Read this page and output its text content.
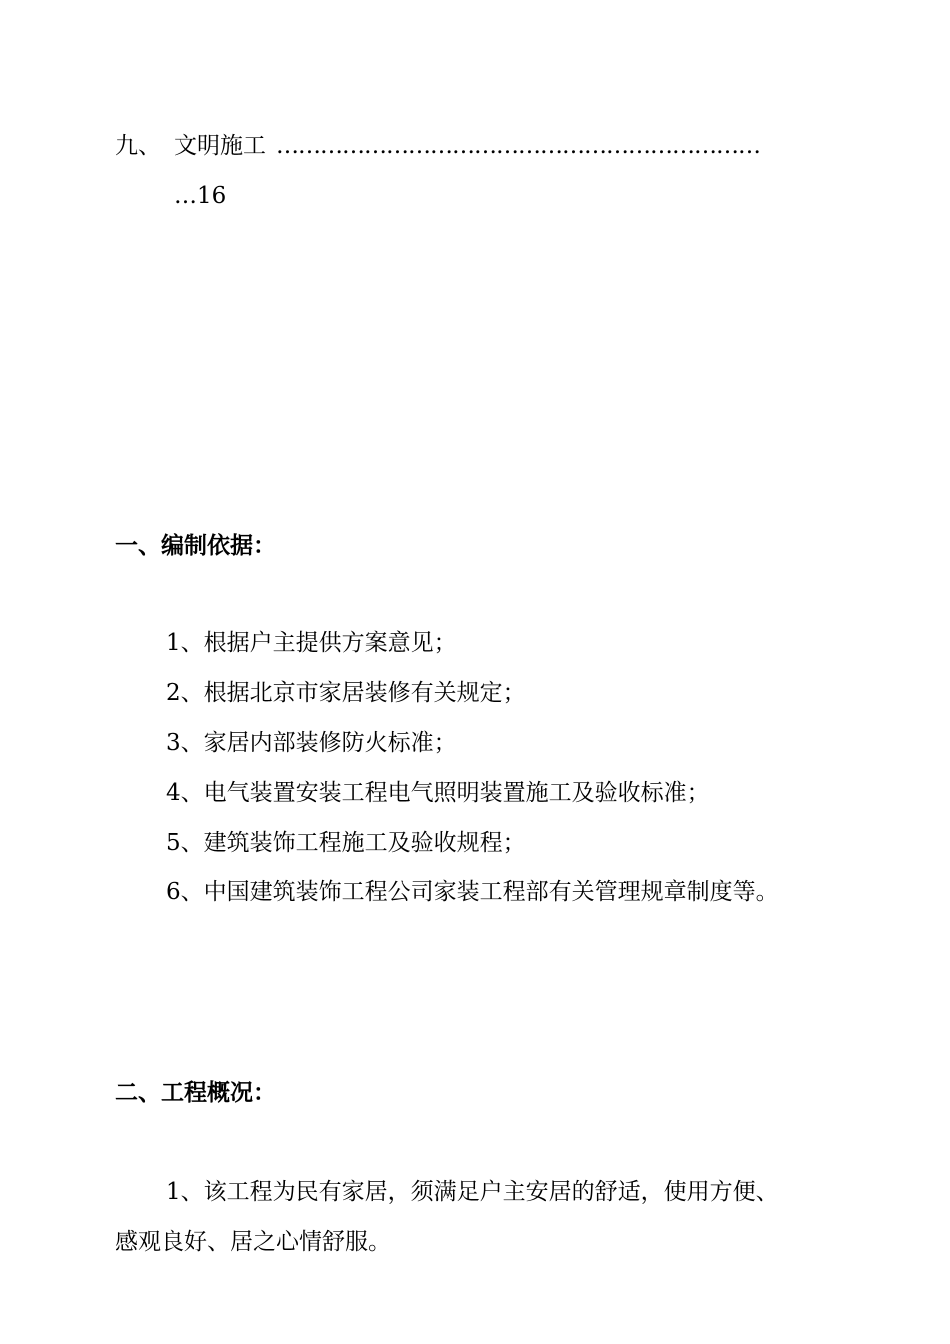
九、 文明施工 …………………………………………………………
…16
一、编制依据：
1、根据户主提供方案意见；
2、根据北京市家居装修有关规定；
3、家居内部装修防火标准；
4、电气装置安装工程电气照明装置施工及验收标准；
5、建筑装饰工程施工及验收规程；
6、中国建筑装饰工程公司家装工程部有关管理规章制度等。
二、工程概况：
1、该工程为民有家居，须满足户主安居的舒适，使用方便、
感观良好、居之心情舒服。
